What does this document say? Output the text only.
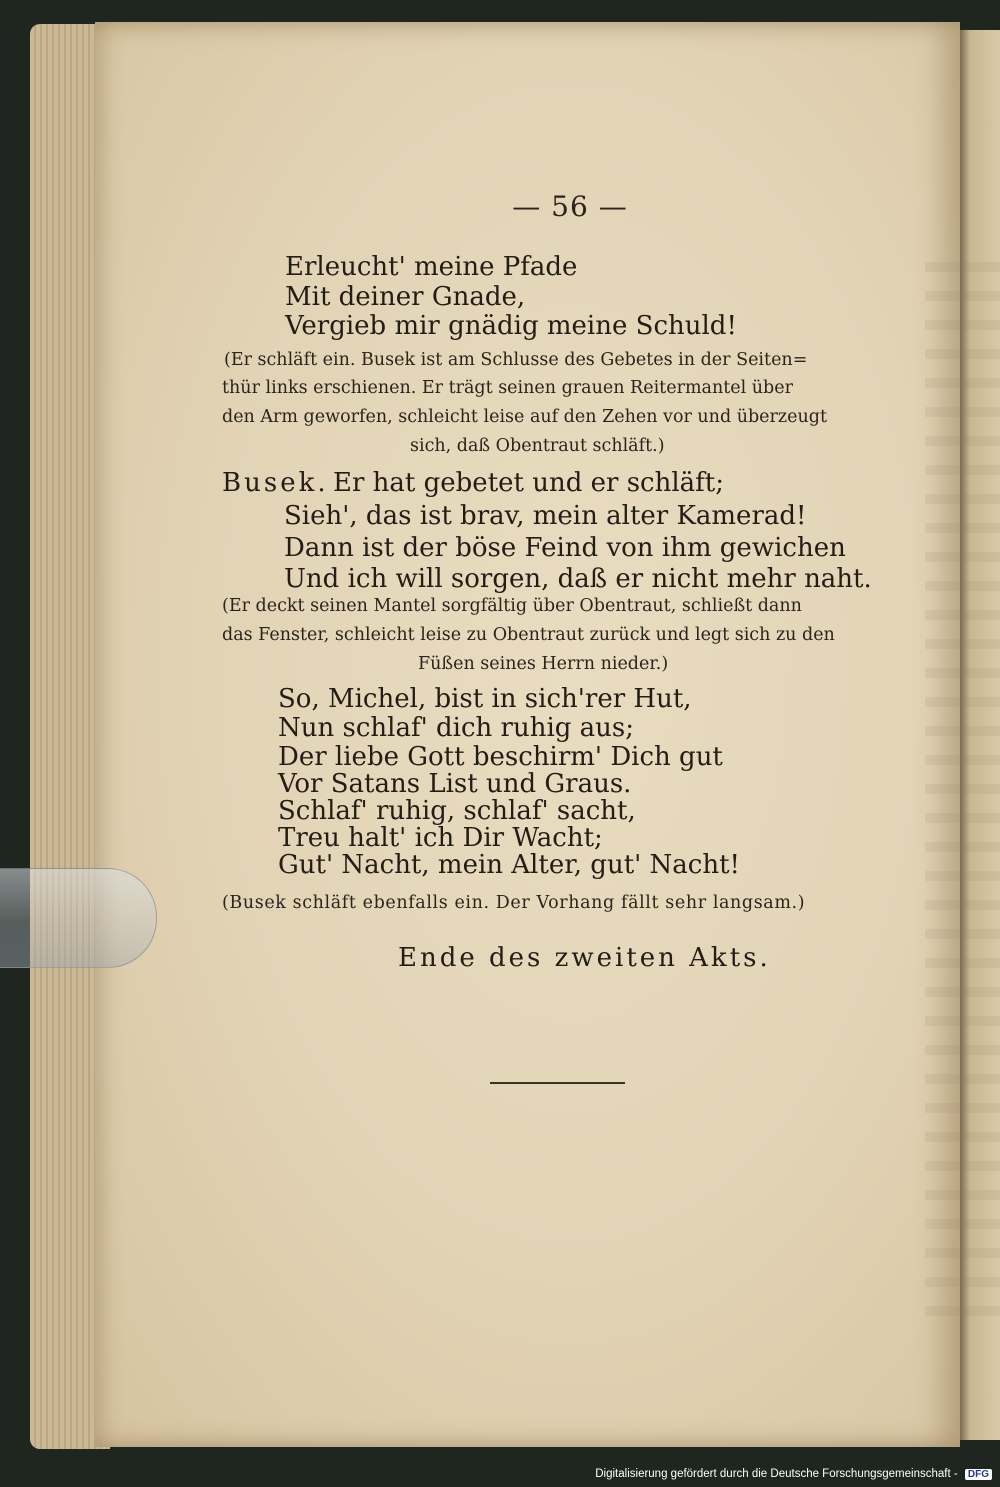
— 56 —
Erleucht' meine Pfade
Mit deiner Gnade,
Vergieb mir gnädig meine Schuld!
(Er schläft ein. Busek ist am Schlusse des Gebetes in der Seiten=
thür links erschienen. Er trägt seinen grauen Reitermantel über
den Arm geworfen, schleicht leise auf den Zehen vor und überzeugt
sich, daß Obentraut schläft.)
Busek. Er hat gebetet und er schläft;
Sieh', das ist brav, mein alter Kamerad!
Dann ist der böse Feind von ihm gewichen
Und ich will sorgen, daß er nicht mehr naht.
(Er deckt seinen Mantel sorgfältig über Obentraut, schließt dann
das Fenster, schleicht leise zu Obentraut zurück und legt sich zu den
Füßen seines Herrn nieder.)
So, Michel, bist in sich'rer Hut,
Nun schlaf' dich ruhig aus;
Der liebe Gott beschirm' Dich gut
Vor Satans List und Graus.
Schlaf' ruhig, schlaf' sacht,
Treu halt' ich Dir Wacht;
Gut' Nacht, mein Alter, gut' Nacht!
(Busek schläft ebenfalls ein. Der Vorhang fällt sehr langsam.)
Ende des zweiten Akts.
Digitalisierung gefördert durch die Deutsche Forschungsgemeinschaft - DFG
